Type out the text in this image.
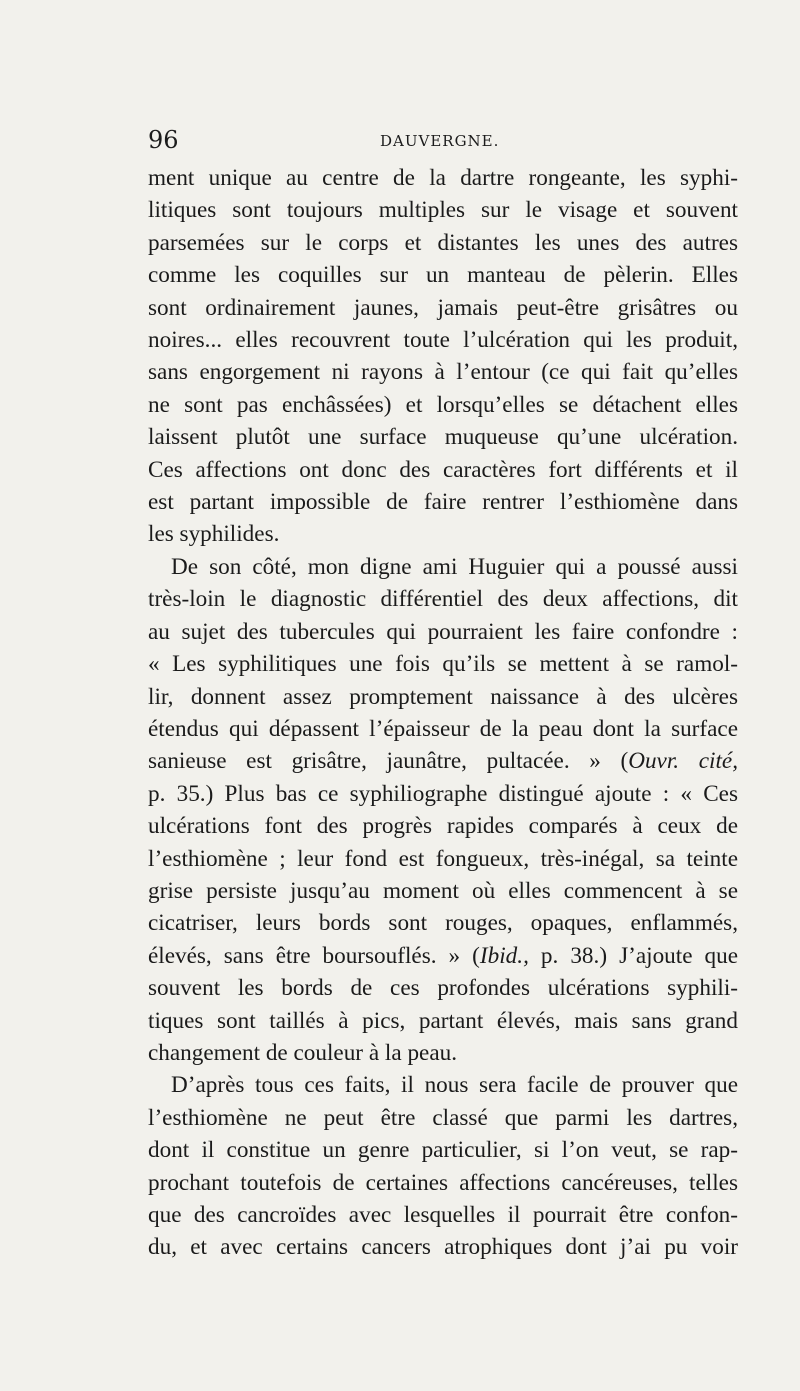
96	DAUVERGNE.
ment unique au centre de la dartre rongeante, les syphi-
litiques sont toujours multiples sur le visage et souvent
parsemées sur le corps et distantes les unes des autres
comme les coquilles sur un manteau de pèlerin. Elles
sont ordinairement jaunes, jamais peut-être grisâtres ou
noires... elles recouvrent toute l’ulcération qui les produit,
sans engorgement ni rayons à l’entour (ce qui fait qu’elles
ne sont pas enchâssées) et lorsqu’elles se détachent elles
laissent plutôt une surface muqueuse qu’une ulcération.
Ces affections ont donc des caractères fort différents et il
est partant impossible de faire rentrer l’esthiomène dans
les syphilides.
De son côté, mon digne ami Huguier qui a poussé aussi
très-loin le diagnostic différentiel des deux affections, dit
au sujet des tubercules qui pourraient les faire confondre :
« Les syphilitiques une fois qu’ils se mettent à se ramol-
lir, donnent assez promptement naissance à des ulcères
étendus qui dépassent l’épaisseur de la peau dont la surface
sanieuse est grisâtre, jaunâtre, pultacée. » (Ouvr. cité,
p. 35.) Plus bas ce syphiliographe distingué ajoute : « Ces
ulcérations font des progrès rapides comparés à ceux de
l’esthiomène ; leur fond est fongueux, très-inégal, sa teinte
grise persiste jusqu’au moment où elles commencent à se
cicatriser, leurs bords sont rouges, opaques, enflammés,
élevés, sans être boursouflés. » (Ibid., p. 38.) J’ajoute que
souvent les bords de ces profondes ulcérations syphili-
tiques sont taillés à pics, partant élevés, mais sans grand
changement de couleur à la peau.
D’après tous ces faits, il nous sera facile de prouver que
l’esthiomène ne peut être classé que parmi les dartres,
dont il constitue un genre particulier, si l’on veut, se rap-
prochant toutefois de certaines affections cancéreuses, telles
que des cancroïdes avec lesquelles il pourrait être confon-
du, et avec certains cancers atrophiques dont j’ai pu voir
